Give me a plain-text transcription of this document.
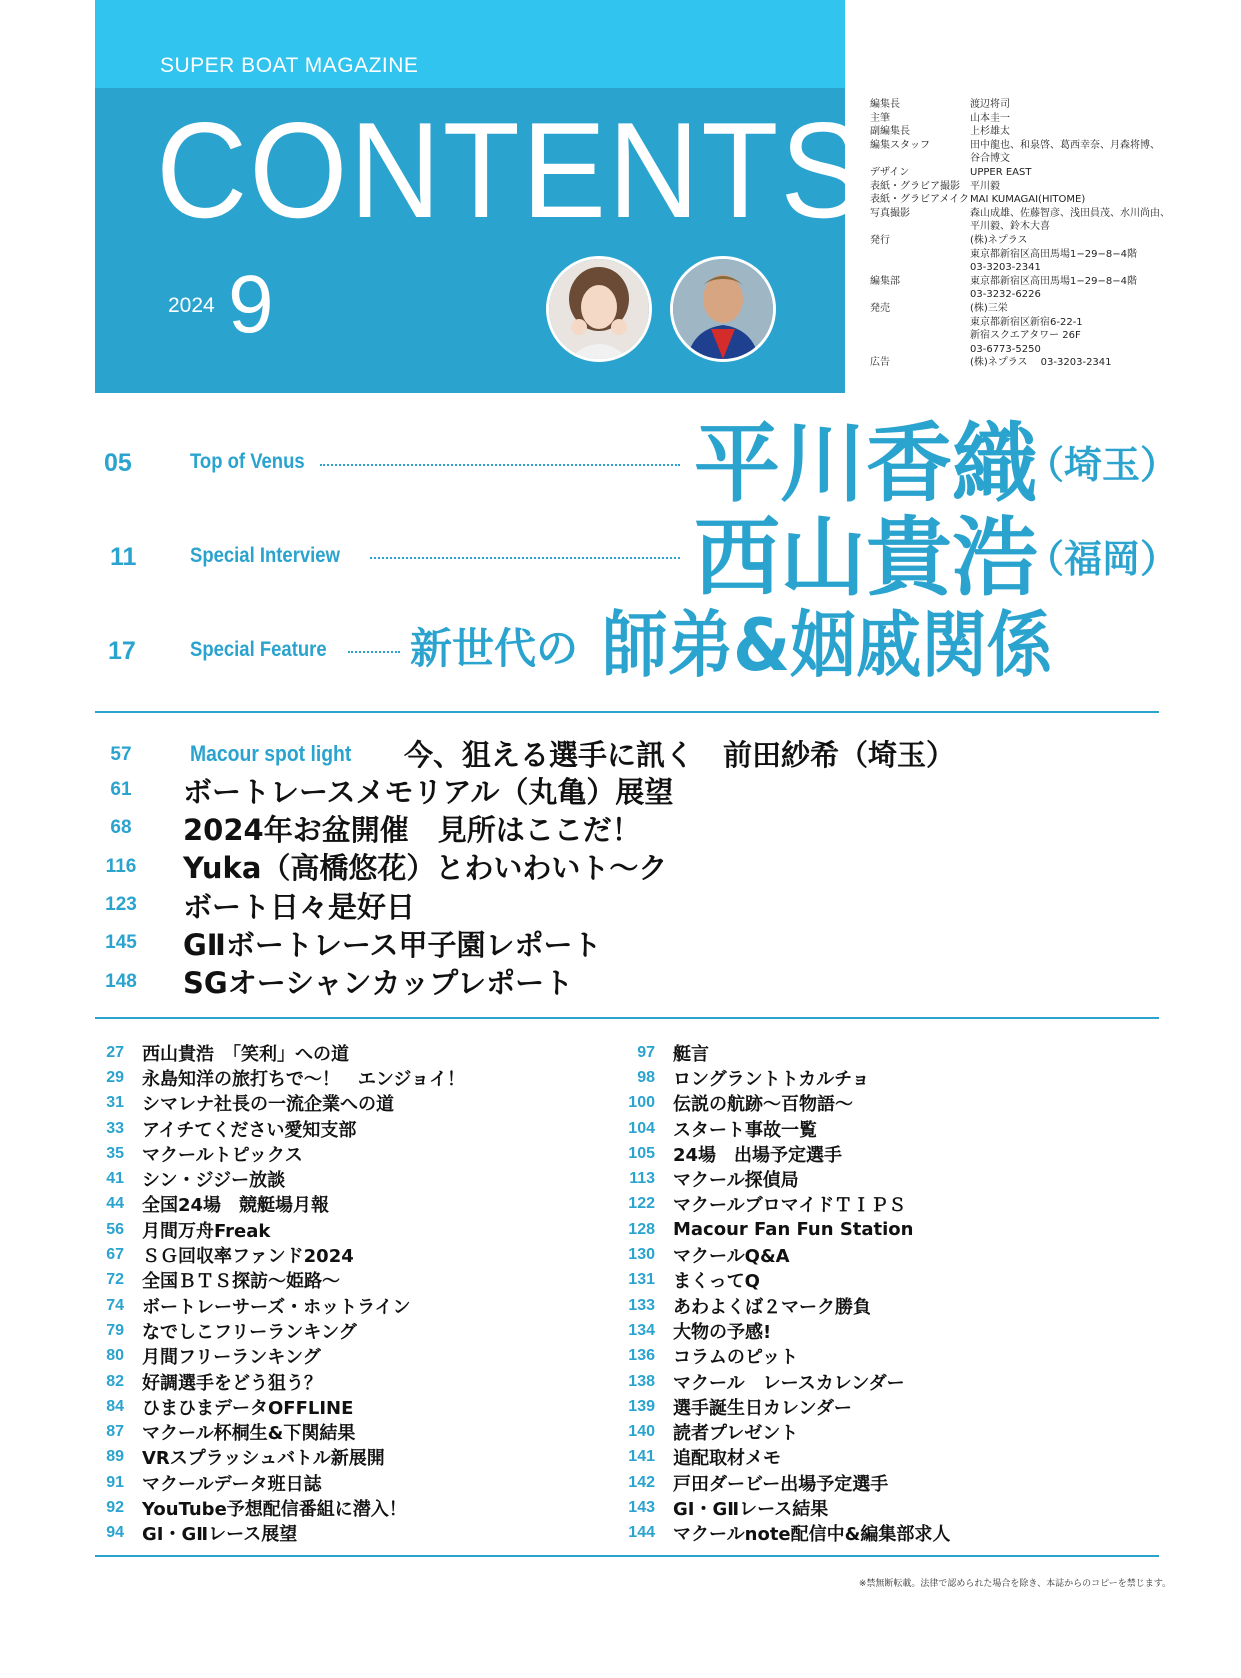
SUPER BOAT MAGAZINE
CONTENTS
2024 9
編集長	渡辺将司
主筆	山本圭一
副編集長	上杉雄太
編集スタッフ	田中龍也、和泉啓、葛西幸奈、月森将博、
谷合博文
デザイン	UPPER EAST
表紙・グラビア撮影	平川毅
表紙・グラビアメイク MAI KUMAGAI(HITOME)
写真撮影	森山成雄、佐藤智彦、浅田員茂、水川尚由、
平川毅、鈴木大喜
発行	(株)ネプラス
東京都新宿区高田馬場1−29−8−4階
03-3203-2341
編集部	東京都新宿区高田馬場1−29−8−4階
03-3232-6226
発売	(株)三栄
東京都新宿区新宿6-22-1
新宿スクエアタワー 26F
03-6773-5250
広告	(株)ネプラス　 03-3203-2341
05	Top of Venus	平川香織
（埼玉）
11	Special Interview	西山貴浩
（福岡）
17	Special Feature 新世代の 師弟&姻戚関係
57	Macour spot light 今、狙える選手に訊く　前田紗希（埼玉）
61	ボートレースメモリアル（丸亀）展望
68	2024年お盆開催　見所はここだ！
116	Yuka（高橋悠花）とわいわいト〜ク
123	ボート日々是好日
145	GⅡボートレース甲子園レポート
148	SGオーシャンカップレポート
27 西山貴浩　「笑利」への道
29 永島知洋の旅打ちで〜！　エンジョイ！
31 シマレナ社長の一流企業への道
33 アイチてください愛知支部
35 マクールトピックス
41 シン・ジジー放談
44 全国24場　競艇場月報
56 月間万舟Freak
67 ＳＧ回収率ファンド2024
72 全国ＢＴＳ探訪〜姫路〜
74 ボートレーサーズ・ホットライン
79 なでしこフリーランキング
80 月間フリーランキング
82 好調選手をどう狙う？
84 ひまひまデータOFFLINE
87 マクール杯桐生&下関結果
89 VRスプラッシュバトル新展開
91 マクールデータ班日誌
92 YouTube予想配信番組に潜入！
94 GⅠ・GⅡレース展望
97 艇言
98 ロングラントトカルチョ
100 伝説の航跡〜百物語〜
104 スタート事故一覧
105 24場　出場予定選手
113 マクール探偵局
122 マクールブロマイドＴＩＰＳ
128 Macour Fan Fun Station
130 マクールQ&A
131 まくってQ
133 あわよくば２マーク勝負
134 大物の予感!
136 コラムのピット
138 マクール　レースカレンダー
139 選手誕生日カレンダー
140 読者プレゼント
141 追配取材メモ
142 戸田ダービー出場予定選手
143 GⅠ・GⅡレース結果
144 マクールnote配信中&編集部求人
※禁無断転載。法律で認められた場合を除き、本誌からのコピーを禁じます。
